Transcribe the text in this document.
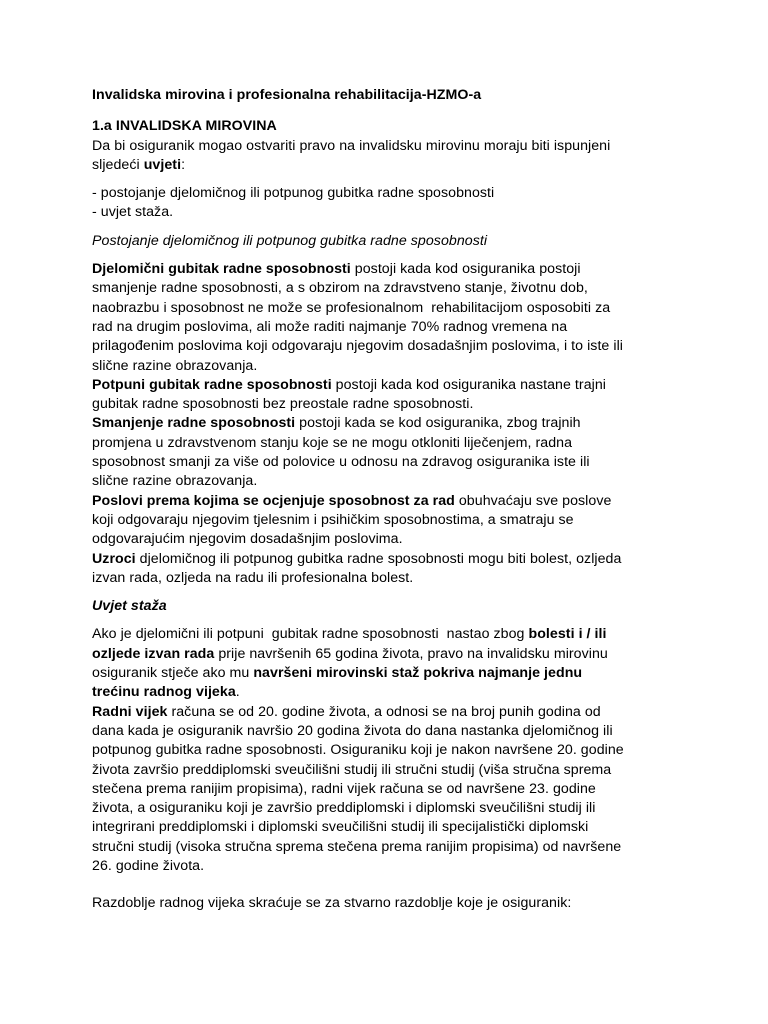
Invalidska mirovina i profesionalna rehabilitacija-HZMO-a

1.a INVALIDSKA MIROVINA

Da bi osiguranik mogao ostvariti pravo na invalidsku mirovinu moraju biti ispunjeni
sljedeći uvjeti:

- postojanje djelomičnog ili potpunog gubitka radne sposobnosti
- uvjet staža.

Postojanje djelomičnog ili potpunog gubitka radne sposobnosti

Djelomični gubitak radne sposobnosti postoji kada kod osiguranika postoji
smanjenje radne sposobnosti, a s obzirom na zdravstveno stanje, životnu dob,
naobrazbu i sposobnost ne može se profesionalnom  rehabilitacijom osposobiti za
rad na drugim poslovima, ali može raditi najmanje 70% radnog vremena na
prilagođenim poslovima koji odgovaraju njegovim dosadašnjim poslovima, i to iste ili
slične razine obrazovanja.

Potpuni gubitak radne sposobnosti postoji kada kod osiguranika nastane trajni
gubitak radne sposobnosti bez preostale radne sposobnosti.

Smanjenje radne sposobnosti postoji kada se kod osiguranika, zbog trajnih
promjena u zdravstvenom stanju koje se ne mogu otkloniti liječenjem, radna
sposobnost smanji za više od polovice u odnosu na zdravog osiguranika iste ili
slične razine obrazovanja.

Poslovi prema kojima se ocjenjuje sposobnost za rad obuhvaćaju sve poslove
koji odgovaraju njegovim tjelesnim i psihičkim sposobnostima, a smatraju se
odgovarajućim njegovim dosadašnjim poslovima.

Uzroci djelomičnog ili potpunog gubitka radne sposobnosti mogu biti bolest, ozljeda
izvan rada, ozljeda na radu ili profesionalna bolest.

Uvjet staža

Ako je djelomični ili potpuni  gubitak radne sposobnosti  nastao zbog bolesti i / ili
ozljede izvan rada prije navršenih 65 godina života, pravo na invalidsku mirovinu
osiguranik stječe ako mu navršeni mirovinski staž pokriva najmanje jednu
trećinu radnog vijeka.

Radni vijek računa se od 20. godine života, a odnosi se na broj punih godina od
dana kada je osiguranik navršio 20 godina života do dana nastanka djelomičnog ili
potpunog gubitka radne sposobnosti. Osiguraniku koji je nakon navršene 20. godine
života završio preddiplomski sveučilišni studij ili stručni studij (viša stručna sprema
stečena prema ranijim propisima), radni vijek računa se od navršene 23. godine
života, a osiguraniku koji je završio preddiplomski i diplomski sveučilišni studij ili
integrirani preddiplomski i diplomski sveučilišni studij ili specijalistički diplomski
stručni studij (visoka stručna sprema stečena prema ranijim propisima) od navršene
26. godine života.

Razdoblje radnog vijeka skraćuje se za stvarno razdoblje koje je osiguranik:
